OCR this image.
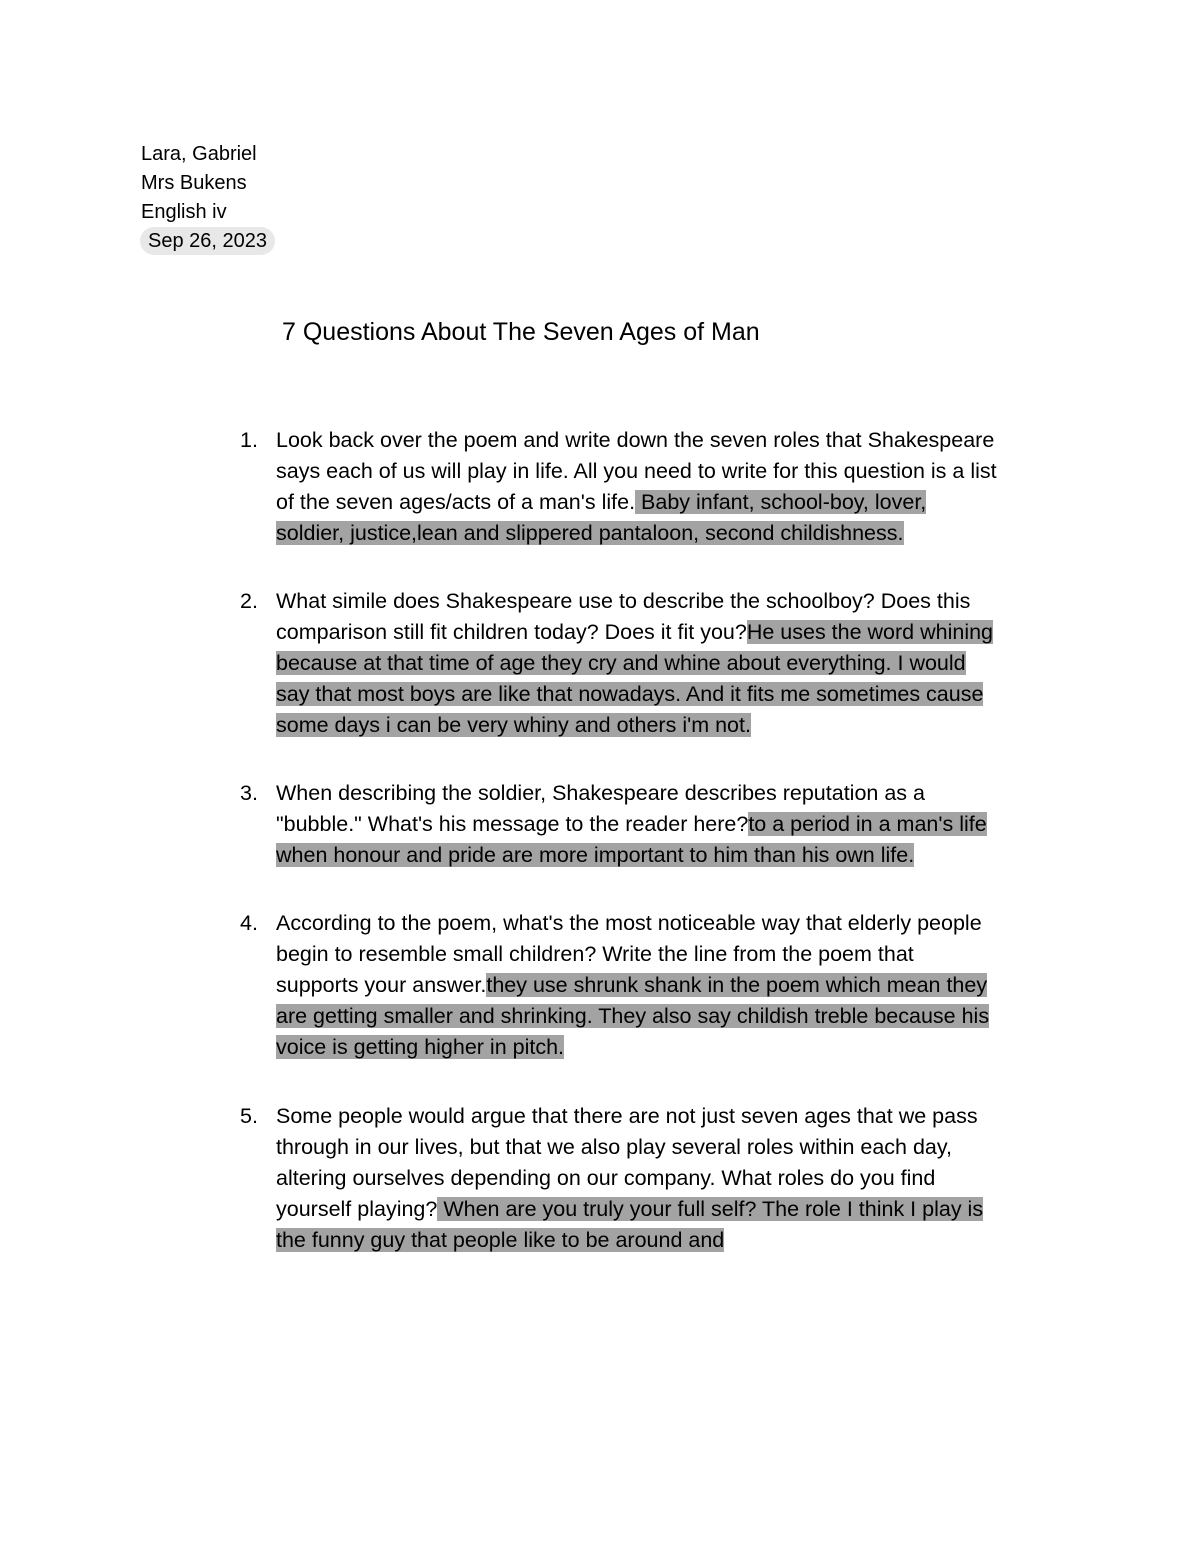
Lara, Gabriel
Mrs Bukens
English iv
Sep 26, 2023
7 Questions About The Seven Ages of Man
1. Look back over the poem and write down the seven roles that Shakespeare says each of us will play in life. All you need to write for this question is a list of the seven ages/acts of a man's life. Baby infant, school-boy, lover, soldier, justice,lean and slippered pantaloon, second childishness.
2. What simile does Shakespeare use to describe the schoolboy? Does this comparison still fit children today? Does it fit you?He uses the word whining because at that time of age they cry and whine about everything. I would say that most boys are like that nowadays. And it fits me sometimes cause some days i can be very whiny and others i'm not.
3. When describing the soldier, Shakespeare describes reputation as a "bubble." What's his message to the reader here?to a period in a man's life when honour and pride are more important to him than his own life.
4. According to the poem, what's the most noticeable way that elderly people begin to resemble small children? Write the line from the poem that supports your answer.they use shrunk shank in the poem which mean they are getting smaller and shrinking. They also say childish treble because his voice is getting higher in pitch.
5. Some people would argue that there are not just seven ages that we pass through in our lives, but that we also play several roles within each day, altering ourselves depending on our company. What roles do you find yourself playing? When are you truly your full self? The role I think I play is the funny guy that people like to be around and
